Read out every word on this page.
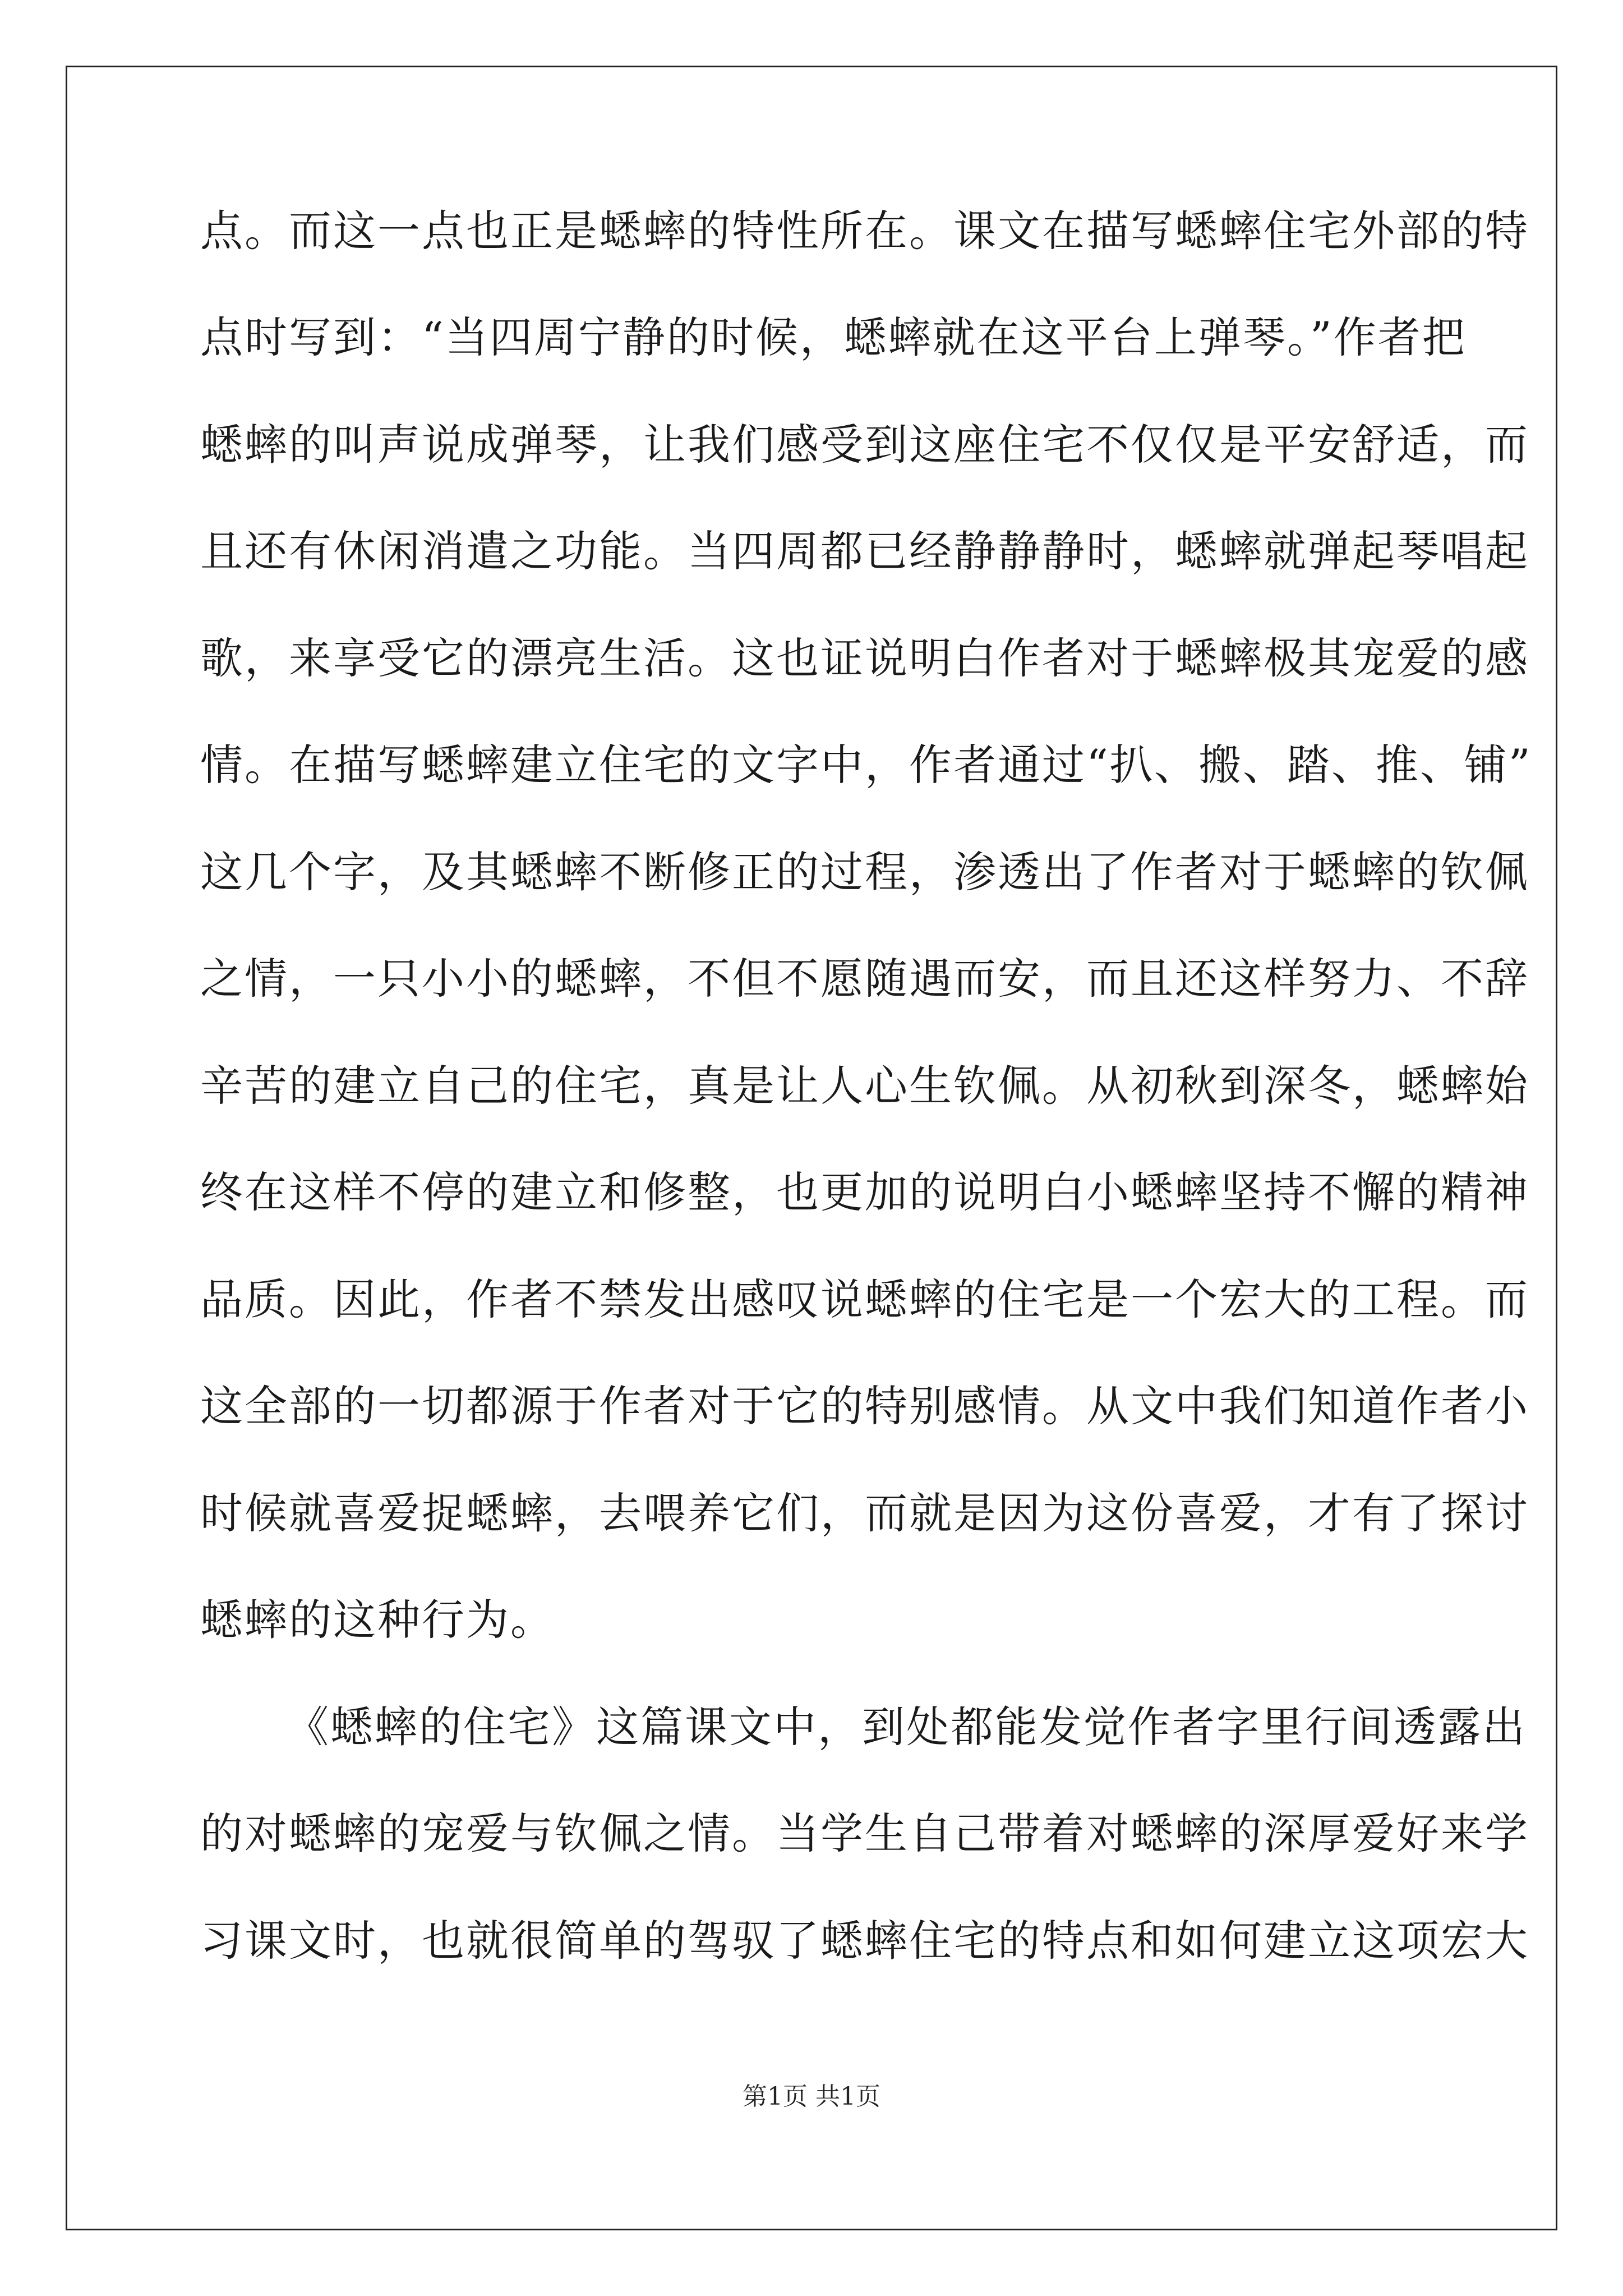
点。而这一点也正是蟋蟀的特性所在。课文在描写蟋蟀住宅外部的特
点时写到：“当四周宁静的时候，蟋蟀就在这平台上弹琴。”作者把
蟋蟀的叫声说成弹琴，让我们感受到这座住宅不仅仅是平安舒适，而
且还有休闲消遣之功能。当四周都已经静静静时，蟋蟀就弹起琴唱起
歌，来享受它的漂亮生活。这也证说明白作者对于蟋蟀极其宠爱的感
情。在描写蟋蟀建立住宅的文字中，作者通过“扒、搬、踏、推、铺”
这几个字，及其蟋蟀不断修正的过程，渗透出了作者对于蟋蟀的钦佩
之情，一只小小的蟋蟀，不但不愿随遇而安，而且还这样努力、不辞
辛苦的建立自己的住宅，真是让人心生钦佩。从初秋到深冬，蟋蟀始
终在这样不停的建立和修整，也更加的说明白小蟋蟀坚持不懈的精神
品质。因此，作者不禁发出感叹说蟋蟀的住宅是一个宏大的工程。而
这全部的一切都源于作者对于它的特别感情。从文中我们知道作者小
时候就喜爱捉蟋蟀，去喂养它们，而就是因为这份喜爱，才有了探讨
蟋蟀的这种行为。
《蟋蟀的住宅》这篇课文中，到处都能发觉作者字里行间透露出
的对蟋蟀的宠爱与钦佩之情。当学生自己带着对蟋蟀的深厚爱好来学
习课文时，也就很简单的驾驭了蟋蟀住宅的特点和如何建立这项宏大
第1页 共1页
